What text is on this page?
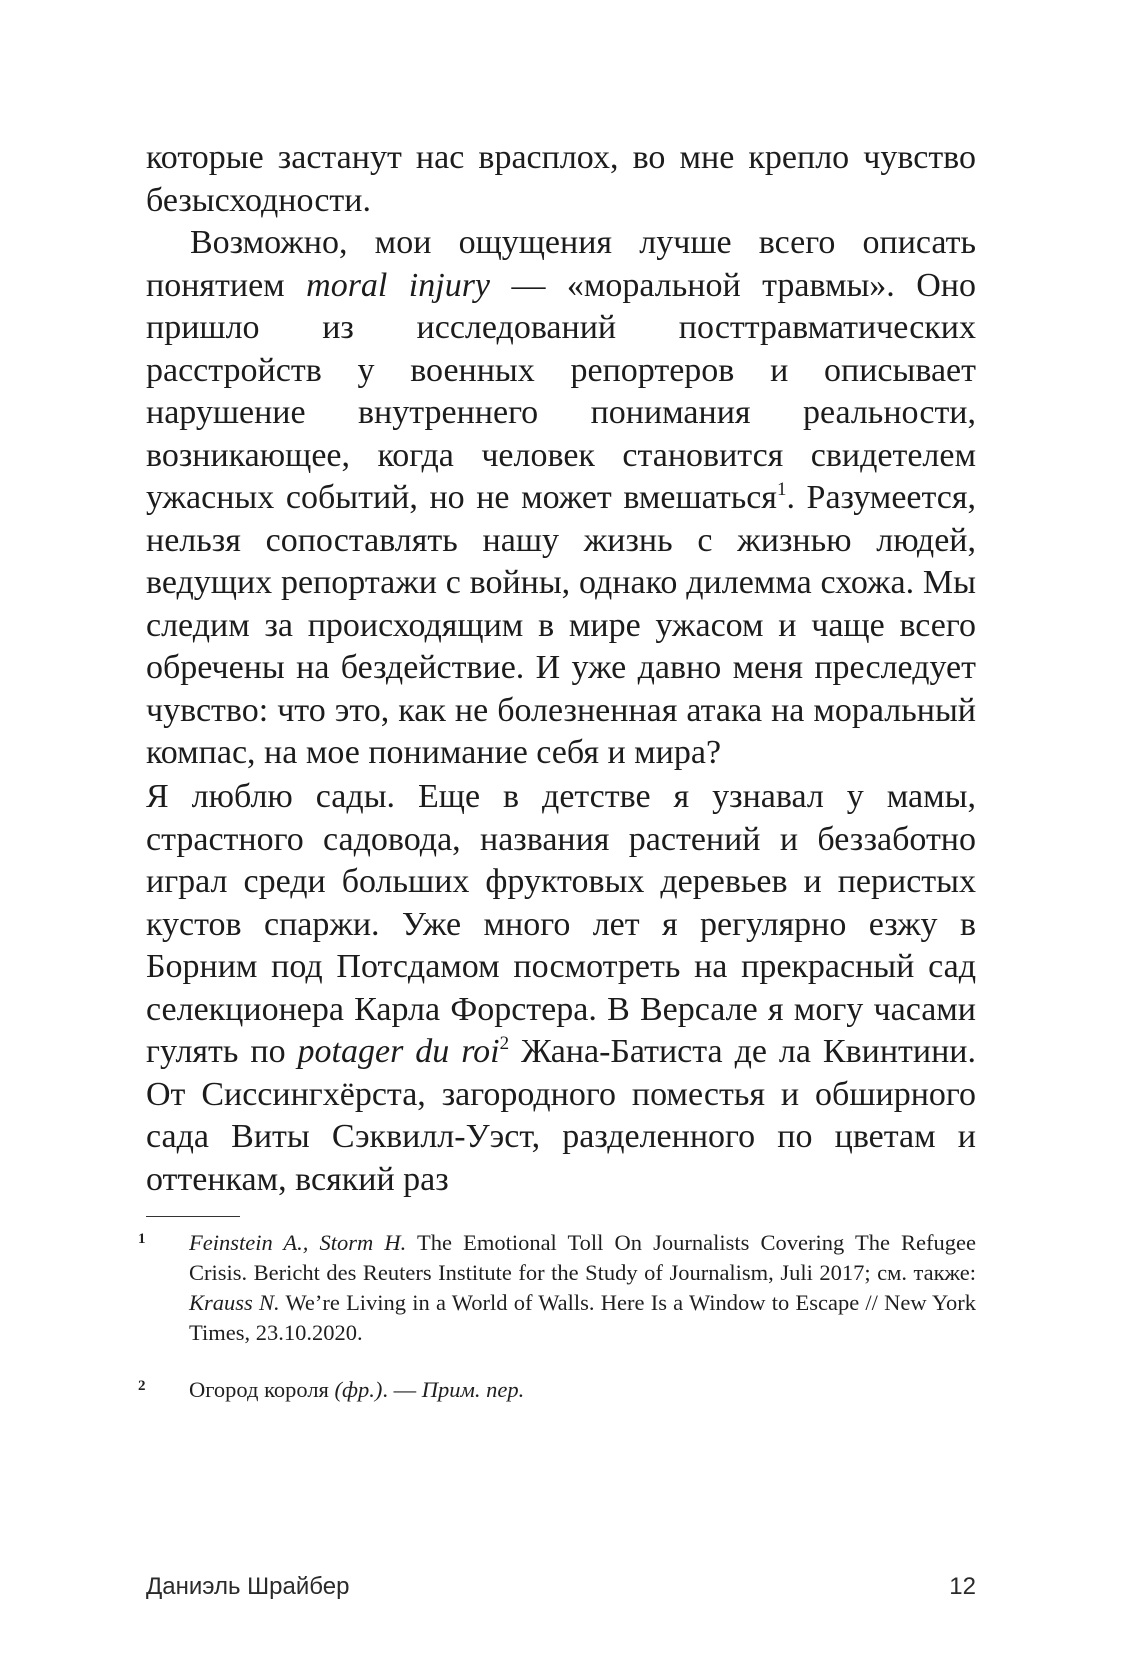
которые застанут нас врасплох, во мне крепло чувство безысходности.

Возможно, мои ощущения лучше всего описать понятием moral injury — «моральной травмы». Оно пришло из исследований посттравматических расстройств у военных репортеров и описывает нарушение внутреннего понимания реальности, возникающее, когда человек становится свидетелем ужасных событий, но не может вмешаться$^1$. Разумеется, нельзя сопоставлять нашу жизнь с жизнью людей, ведущих репортажи с войны, однако дилемма схожа. Мы следим за происходящим в мире ужасом и чаще всего обречены на бездействие. И уже давно меня преследует чувство: что это, как не болезненная атака на моральный компас, на мое понимание себя и мира?

Я люблю сады. Еще в детстве я узнавал у мамы, страстного садовода, названия растений и беззаботно играл среди больших фруктовых деревьев и перистых кустов спаржи. Уже много лет я регулярно езжу в Борним под Потсдамом посмотреть на прекрасный сад селекционера Карла Форстера. В Версале я могу часами гулять по potager du roi$^2$ Жана-Батиста де ла Квинтини. От Сиссингхёрста, загородного поместья и обширного сада Виты Сэквилл-Уэст, разделенного по цветам и оттенкам, всякий раз

1 Feinstein A., Storm H. The Emotional Toll On Journalists Covering The Refugee Crisis. Bericht des Reuters Institute for the Study of Journalism, Juli 2017; см. также: Krauss N. We’re Living in a World of Walls. Here Is a Window to Escape // New York Times, 23.10.2020.
2 Огород короля (фр.). — Прим. пер.
Даниэль Шрайбер	12
